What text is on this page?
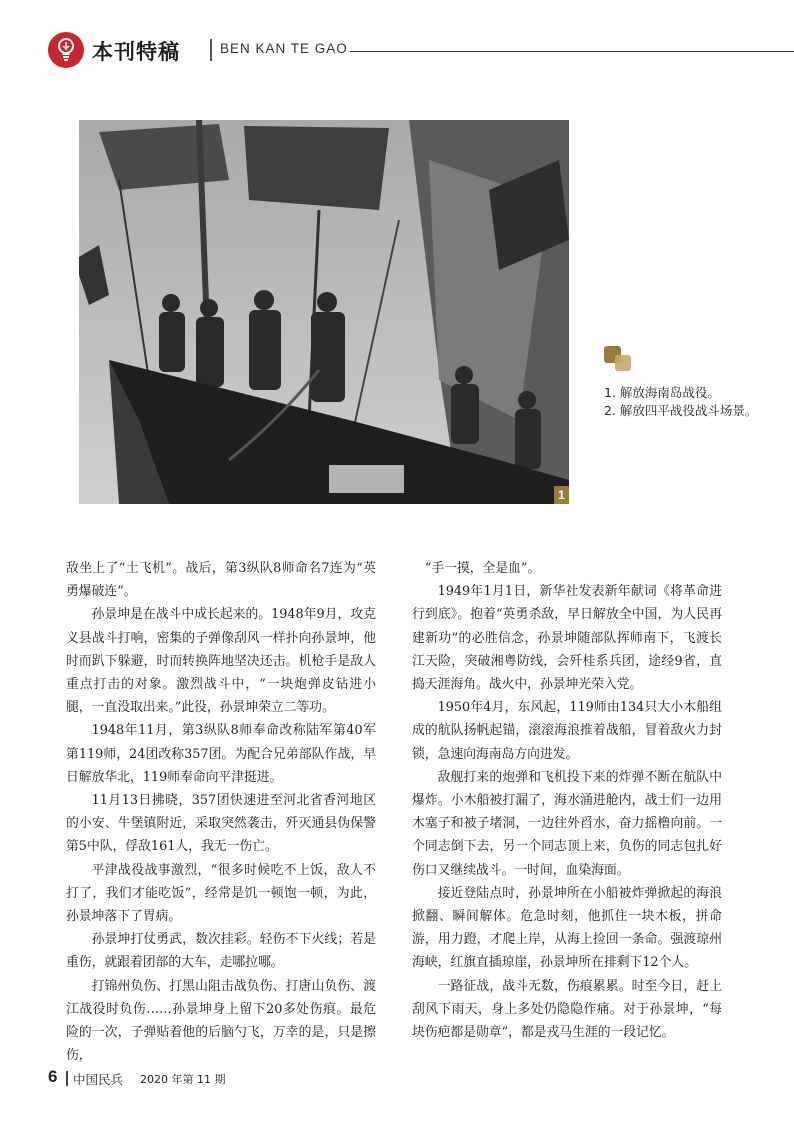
本刊特稿	BEN KAN TE GAO
1
1. 解放海南岛战役。
2. 解放四平战役战斗场景。

敌坐上了“土飞机”。战后，第3纵队8师命名7连为“英勇爆破连”。

孙景坤是在战斗中成长起来的。1948年9月，攻克义县战斗打响，密集的子弹像刮风一样扑向孙景坤，他时而趴下躲避，时而转换阵地坚决还击。机枪手是敌人重点打击的对象。激烈战斗中，“一块炮弹皮钻进小腿，一直没取出来。”此役，孙景坤荣立二等功。

1948年11月，第3纵队8师奉命改称陆军第40军第119师，24团改称357团。为配合兄弟部队作战，早日解放华北，119师奉命向平津挺进。

11月13日拂晓，357团快速进至河北省香河地区的小安、牛堡镇附近，采取突然袭击，歼灭通县伪保警第5中队，俘敌161人，我无一伤亡。

平津战役战事激烈，“很多时候吃不上饭，敌人不打了，我们才能吃饭”，经常是饥一顿饱一顿，为此，孙景坤落下了胃病。

孙景坤打仗勇武，数次挂彩。轻伤不下火线；若是重伤，就跟着团部的大车，走哪拉哪。

打锦州负伤、打黑山阻击战负伤、打唐山负伤、渡江战役时负伤……孙景坤身上留下20多处伤痕。最危险的一次，子弹贴着他的后脑勺飞，万幸的是，只是擦伤，

“手一摸，全是血”。

1949年1月1日，新华社发表新年献词《将革命进行到底》。抱着“英勇杀敌，早日解放全中国，为人民再建新功”的必胜信念，孙景坤随部队挥师南下，飞渡长江天险，突破湘粤防线，会歼桂系兵团，途经9省，直捣天涯海角。战火中，孙景坤光荣入党。

1950年4月，东风起，119师由134只大小木船组成的航队扬帆起锚，滚滚海浪推着战船，冒着敌火力封锁，急速向海南岛方向进发。

敌舰打来的炮弹和飞机投下来的炸弹不断在航队中爆炸。小木船被打漏了，海水涌进舱内，战士们一边用木塞子和被子堵洞，一边往外舀水，奋力摇橹向前。一个同志倒下去，另一个同志顶上来，负伤的同志包扎好伤口又继续战斗。一时间，血染海面。

接近登陆点时，孙景坤所在小船被炸弹掀起的海浪掀翻、瞬间解体。危急时刻，他抓住一块木板，拼命游，用力蹬，才爬上岸，从海上捡回一条命。强渡琼州海峡，红旗直插琼崖，孙景坤所在排剩下12个人。

一路征战，战斗无数，伤痕累累。时至今日，赶上刮风下雨天，身上多处仍隐隐作痛。对于孙景坤，“每块伤疤都是勋章”，都是戎马生涯的一段记忆。

6 中国民兵 2020 年第 11 期
